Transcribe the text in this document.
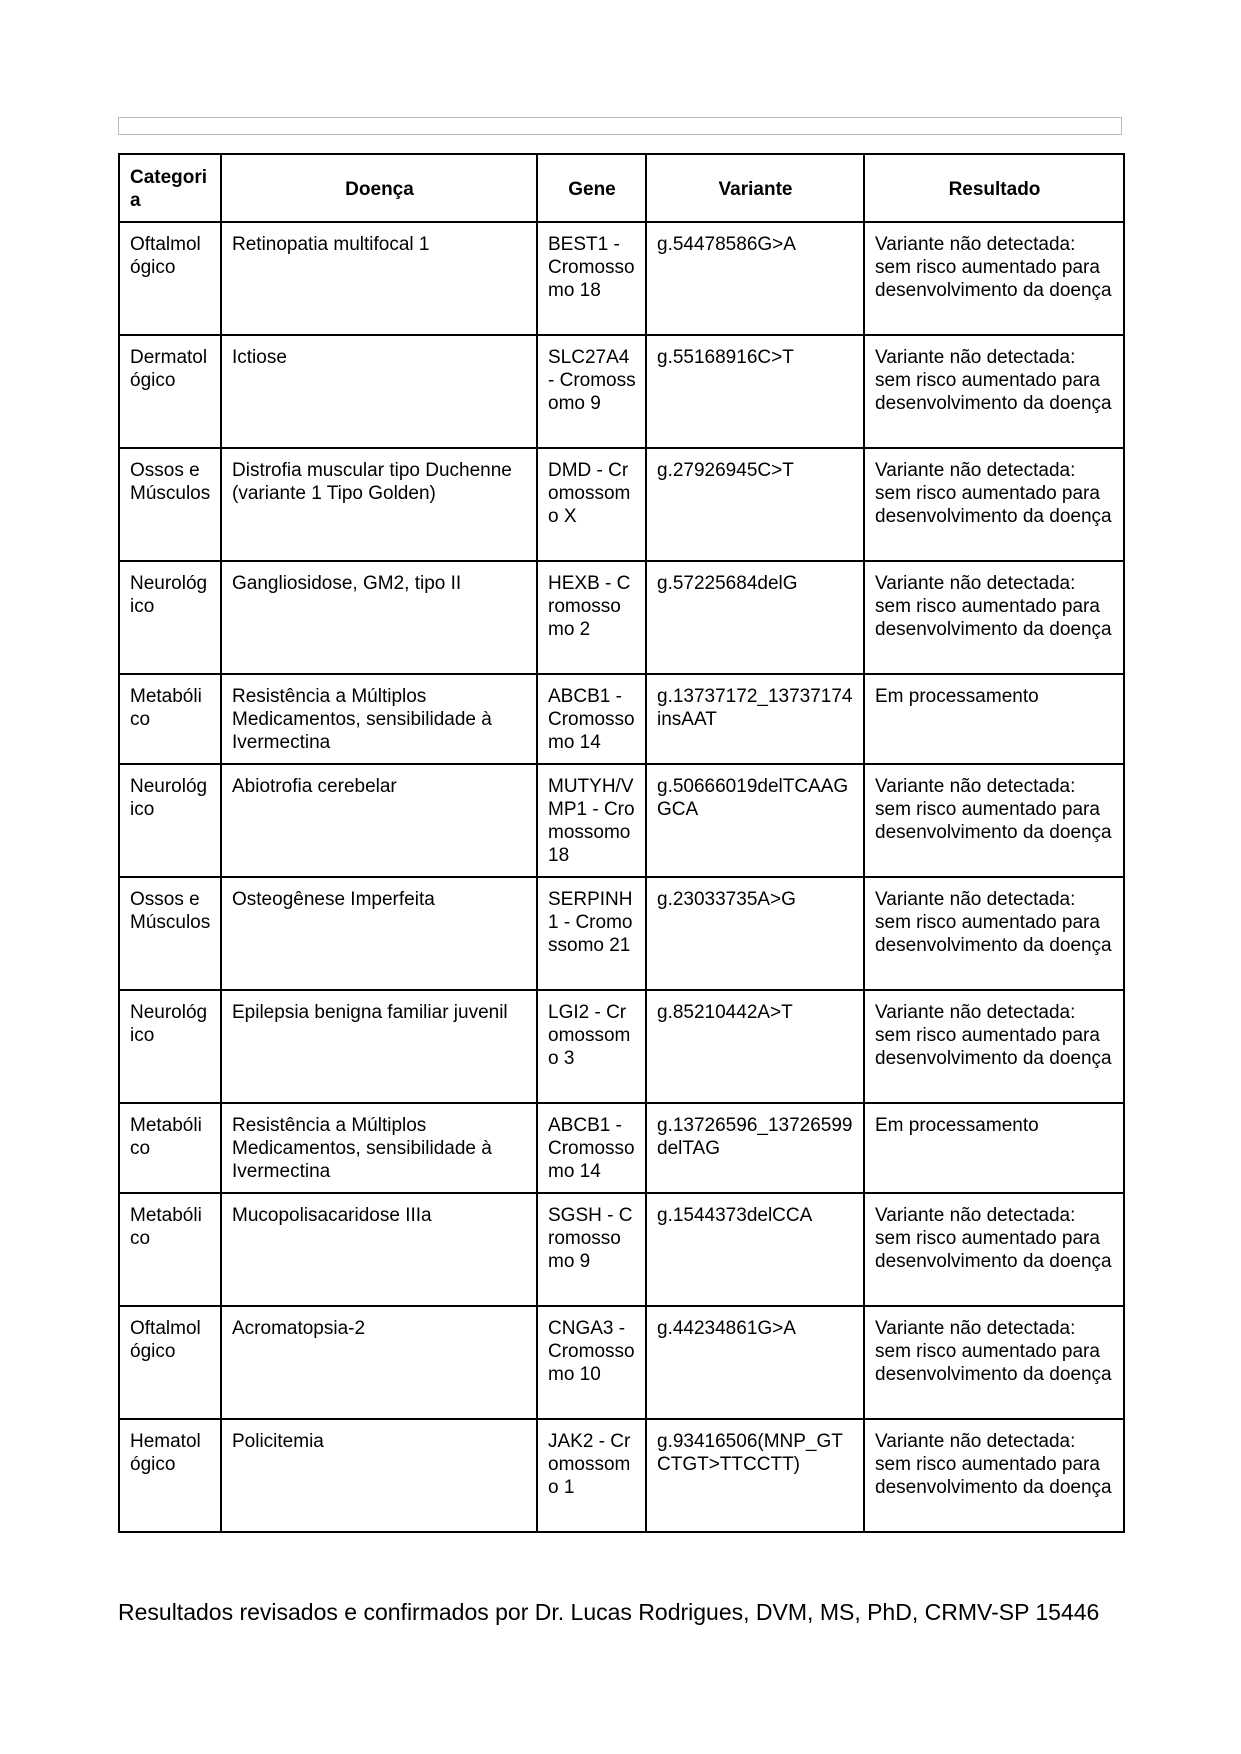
Categoria	Doença	Gene	Variante	Resultado
Oftalmológico	Retinopatia multifocal 1	BEST1 - Cromossomo 18	g.54478586G>A	Variante não detectada: sem risco aumentado para desenvolvimento da doença
Dermatológico	Ictiose	SLC27A4 - Cromossomo 9	g.55168916C>T	Variante não detectada: sem risco aumentado para desenvolvimento da doença
Ossos e Músculos	Distrofia muscular tipo Duchenne (variante 1 Tipo Golden)	DMD - Cromossomo X	g.27926945C>T	Variante não detectada: sem risco aumentado para desenvolvimento da doença
Neurológico	Gangliosidose, GM2, tipo II	HEXB - Cromossomo 2	g.57225684delG	Variante não detectada: sem risco aumentado para desenvolvimento da doença
Metabólico	Resistência a Múltiplos Medicamentos, sensibilidade à Ivermectina	ABCB1 - Cromossomo 14	g.13737172_13737174insAAT	Em processamento
Neurológico	Abiotrofia cerebelar	MUTYH/VMP1 - Cromossomo 18	g.50666019delTCAAGGCA	Variante não detectada: sem risco aumentado para desenvolvimento da doença
Ossos e Músculos	Osteogênese Imperfeita	SERPINH1 - Cromossomo 21	g.23033735A>G	Variante não detectada: sem risco aumentado para desenvolvimento da doença
Neurológico	Epilepsia benigna familiar juvenil	LGI2 - Cromossomo 3	g.85210442A>T	Variante não detectada: sem risco aumentado para desenvolvimento da doença
Metabólico	Resistência a Múltiplos Medicamentos, sensibilidade à Ivermectina	ABCB1 - Cromossomo 14	g.13726596_13726599delTAG	Em processamento
Metabólico	Mucopolisacaridose IIIa	SGSH - Cromossomo 9	g.1544373delCCA	Variante não detectada: sem risco aumentado para desenvolvimento da doença
Oftalmológico	Acromatopsia-2	CNGA3 - Cromossomo 10	g.44234861G>A	Variante não detectada: sem risco aumentado para desenvolvimento da doença
Hematológico	Policitemia	JAK2 - Cromossomo 1	g.93416506(MNP_GTCTGT>TTCCTT)	Variante não detectada: sem risco aumentado para desenvolvimento da doença
Resultados revisados e confirmados por Dr. Lucas Rodrigues, DVM, MS, PhD, CRMV-SP 15446
